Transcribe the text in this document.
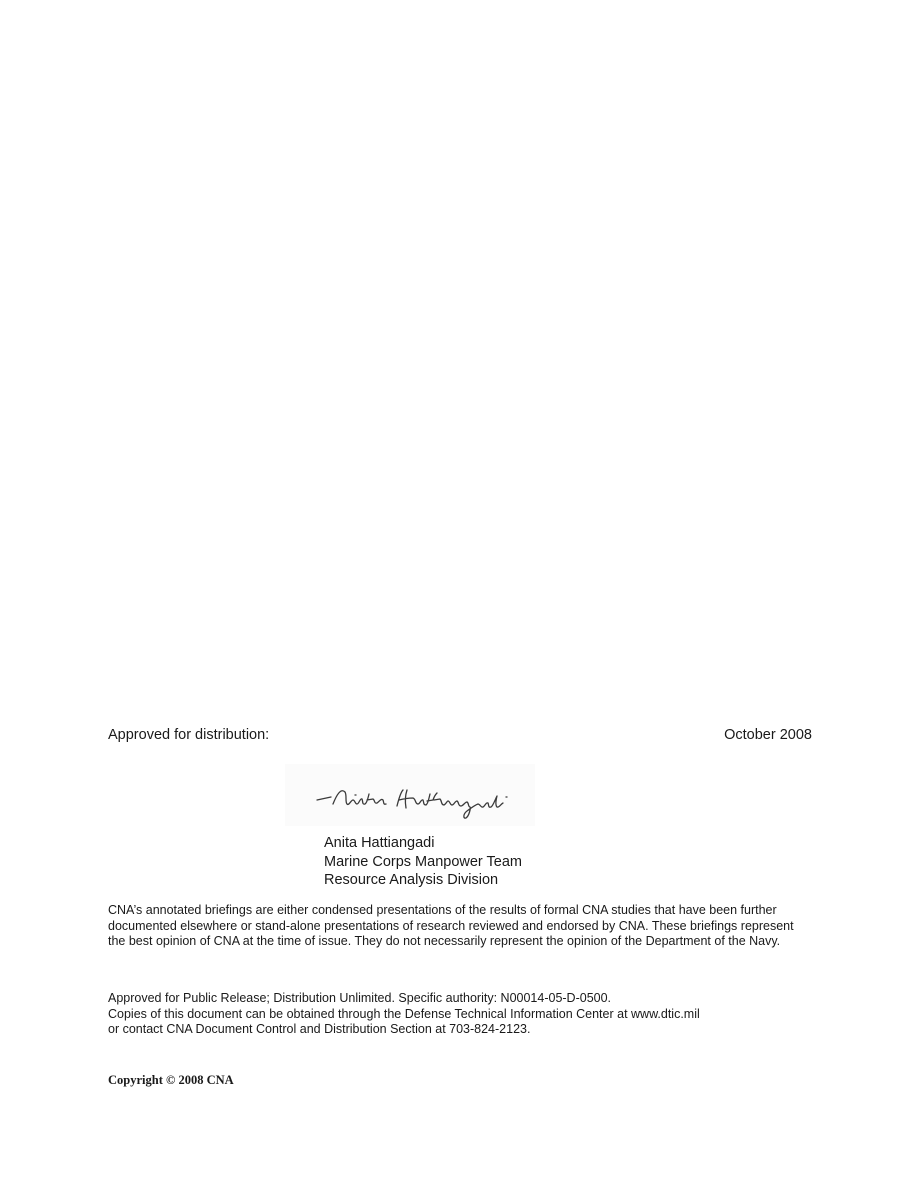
Approved for distribution:	October 2008
Anita Hattiangadi
Marine Corps Manpower Team
Resource Analysis Division

CNA’s annotated briefings are either condensed presentations of the results of formal CNA studies that have been further documented elsewhere or stand-alone presentations of research reviewed and endorsed by CNA. These briefings represent the best opinion of CNA at the time of issue. They do not necessarily represent the opinion of the Department of the Navy.

Approved for Public Release; Distribution Unlimited. Specific authority: N00014-05-D-0500.
Copies of this document can be obtained through the Defense Technical Information Center at www.dtic.mil
or contact CNA Document Control and Distribution Section at 703-824-2123.
Copyright © 2008 CNA
